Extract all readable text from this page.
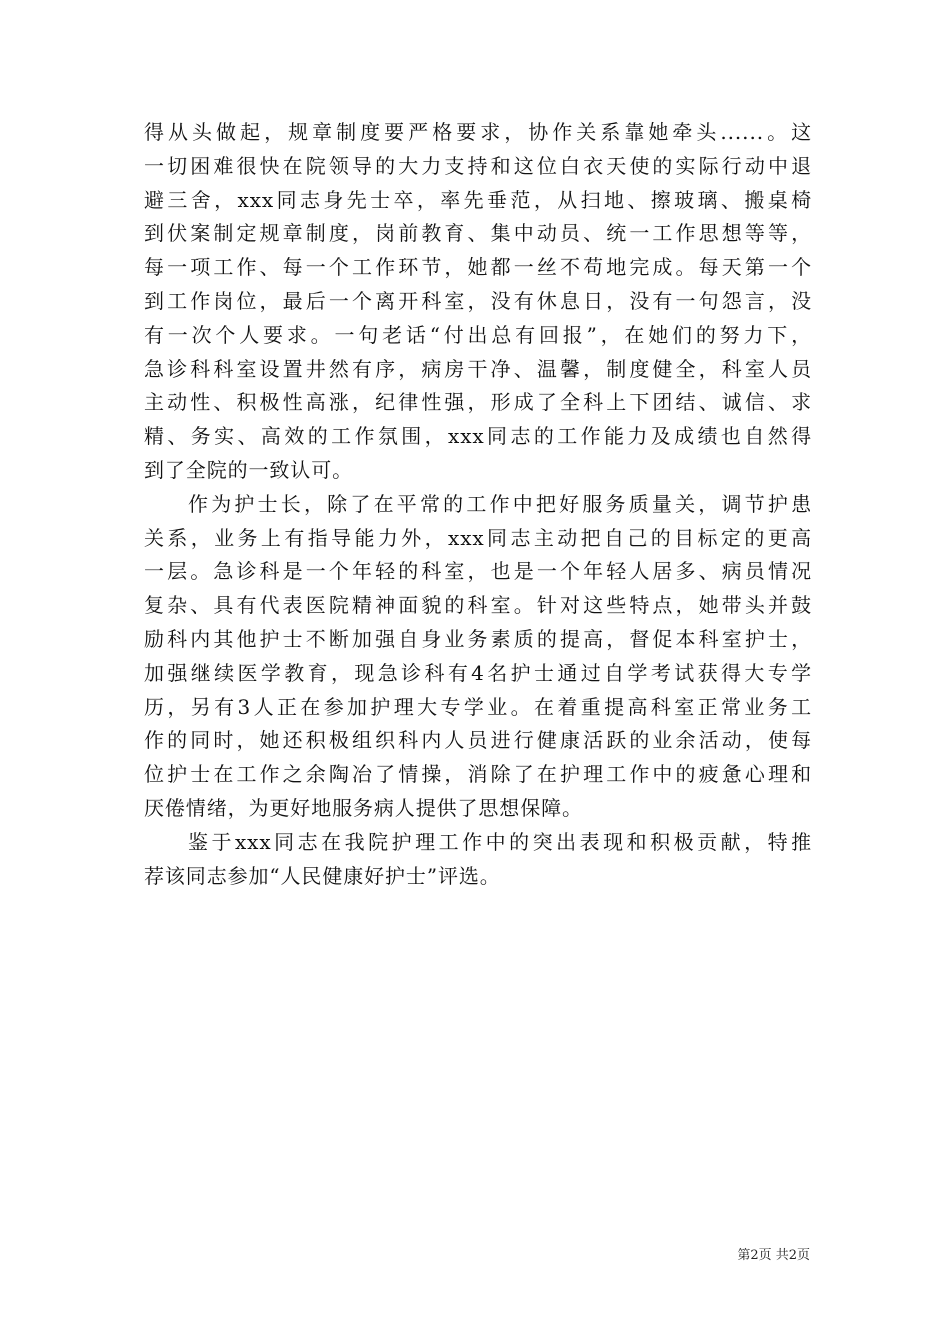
得从头做起，规章制度要严格要求，协作关系靠她牵头......。这
一切困难很快在院领导的大力支持和这位白衣天使的实际行动中退
避三舍，xxx同志身先士卒，率先垂范，从扫地、擦玻璃、搬桌椅
到伏案制定规章制度，岗前教育、集中动员、统一工作思想等等，
每一项工作、每一个工作环节，她都一丝不苟地完成。每天第一个
到工作岗位，最后一个离开科室，没有休息日，没有一句怨言，没
有一次个人要求。一句老话“付出总有回报”，在她们的努力下，
急诊科科室设置井然有序，病房干净、温馨，制度健全，科室人员
主动性、积极性高涨，纪律性强，形成了全科上下团结、诚信、求
精、务实、高效的工作氛围，xxx同志的工作能力及成绩也自然得
到了全院的一致认可。
作为护士长，除了在平常的工作中把好服务质量关，调节护患
关系，业务上有指导能力外，xxx同志主动把自己的目标定的更高
一层。急诊科是一个年轻的科室，也是一个年轻人居多、病员情况
复杂、具有代表医院精神面貌的科室。针对这些特点，她带头并鼓
励科内其他护士不断加强自身业务素质的提高，督促本科室护士，
加强继续医学教育，现急诊科有4名护士通过自学考试获得大专学
历，另有3人正在参加护理大专学业。在着重提高科室正常业务工
作的同时，她还积极组织科内人员进行健康活跃的业余活动，使每
位护士在工作之余陶冶了情操，消除了在护理工作中的疲惫心理和
厌倦情绪，为更好地服务病人提供了思想保障。
鉴于xxx同志在我院护理工作中的突出表现和积极贡献，特推
荐该同志参加“人民健康好护士”评选。
第2页 共2页
